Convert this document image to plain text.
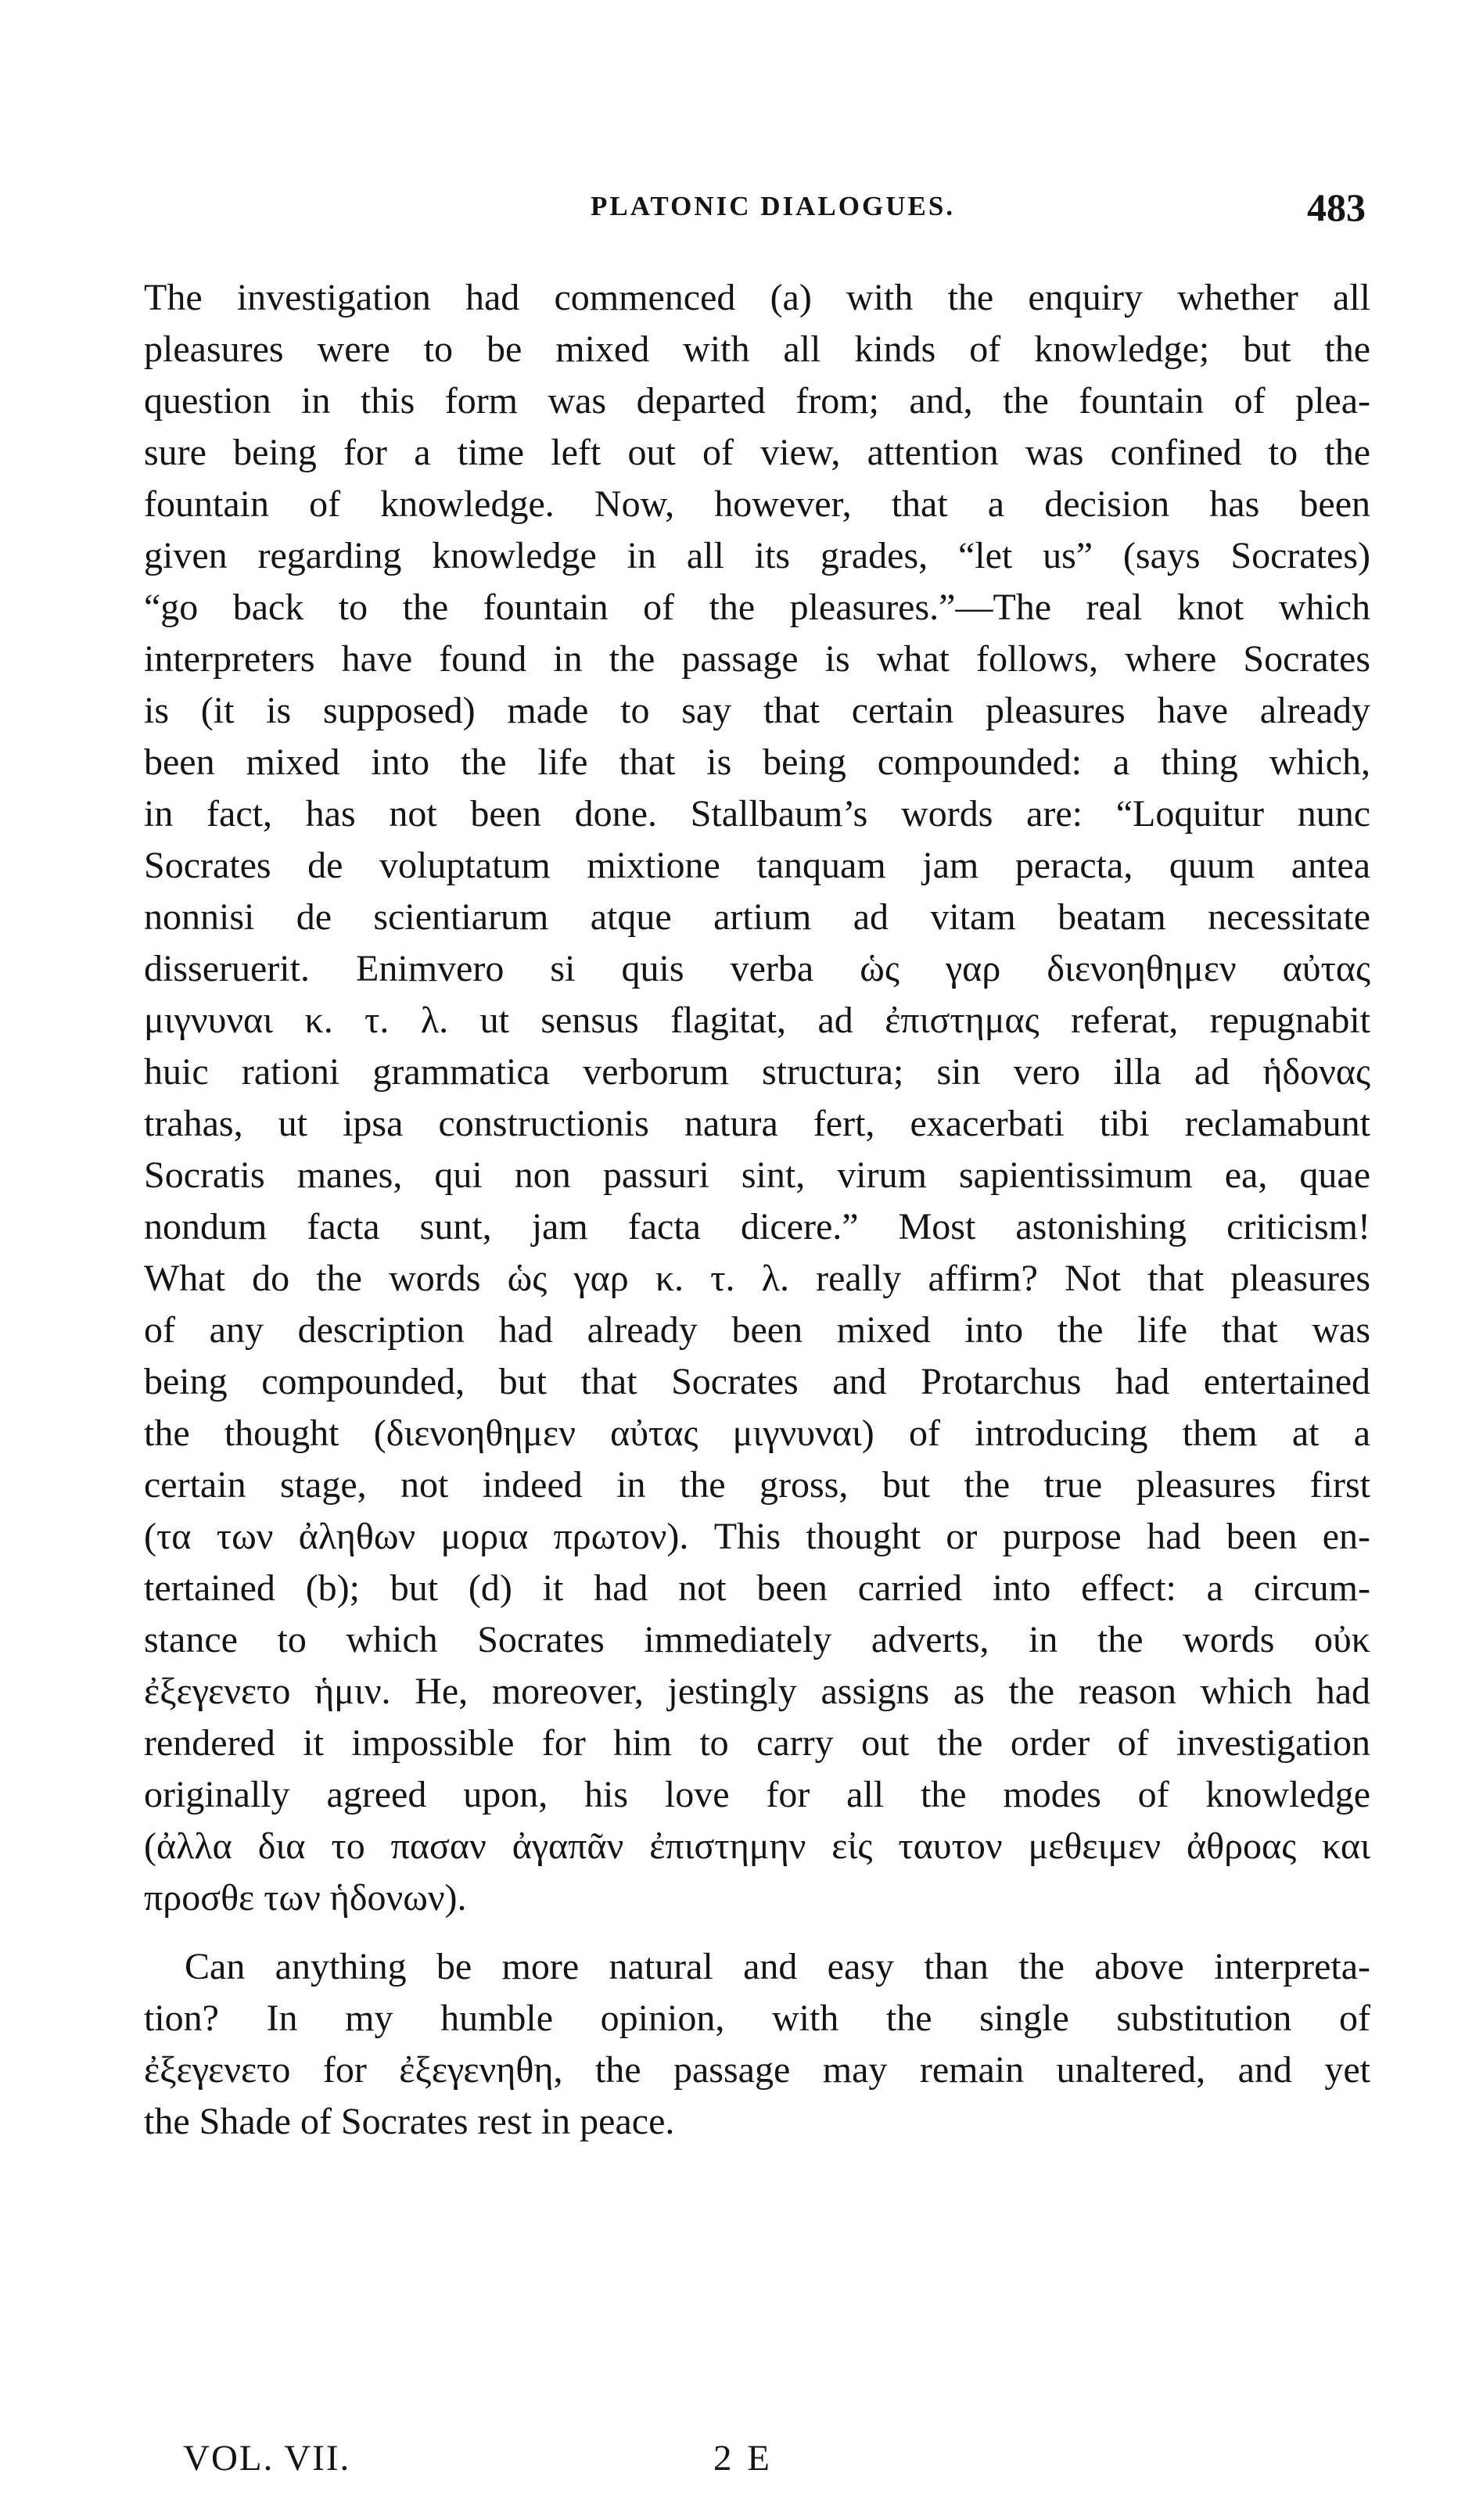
PLATONIC DIALOGUES.	483
The investigation had commenced (a) with the enquiry whether all
pleasures were to be mixed with all kinds of knowledge; but the
question in this form was departed from; and, the fountain of plea-
sure being for a time left out of view, attention was confined to the
fountain of knowledge. Now, however, that a decision has been
given regarding knowledge in all its grades, “let us” (says Socrates)
“go back to the fountain of the pleasures.”—The real knot which
interpreters have found in the passage is what follows, where Socrates
is (it is supposed) made to say that certain pleasures have already
been mixed into the life that is being compounded: a thing which,
in fact, has not been done. Stallbaum’s words are: “Loquitur nunc
Socrates de voluptatum mixtione tanquam jam peracta, quum antea
nonnisi de scientiarum atque artium ad vitam beatam necessitate
disseruerit. Enimvero si quis verba ὡς γαρ διενοηθημεν αὐτας
μιγνυναι κ. τ. λ. ut sensus flagitat, ad ἐπιστημας referat, repugnabit
huic rationi grammatica verborum structura; sin vero illa ad ἡδονας
trahas, ut ipsa constructionis natura fert, exacerbati tibi reclamabunt
Socratis manes, qui non passuri sint, virum sapientissimum ea, quae
nondum facta sunt, jam facta dicere.” Most astonishing criticism!
What do the words ὡς γαρ κ. τ. λ. really affirm? Not that pleasures
of any description had already been mixed into the life that was
being compounded, but that Socrates and Protarchus had entertained
the thought (διενοηθημεν αὐτας μιγνυναι) of introducing them at a
certain stage, not indeed in the gross, but the true pleasures first
(τα των ἀληθων μορια πρωτον). This thought or purpose had been en-
tertained (b); but (d) it had not been carried into effect: a circum-
stance to which Socrates immediately adverts, in the words οὐκ
ἐξεγενετο ἡμιν. He, moreover, jestingly assigns as the reason which had
rendered it impossible for him to carry out the order of investigation
originally agreed upon, his love for all the modes of knowledge
(ἀλλα δια το πασαν ἀγαπᾶν ἐπιστημην εἰς ταυτον μεθειμεν ἀθροας και
προσθε των ἡδονων).
Can anything be more natural and easy than the above interpreta-
tion? In my humble opinion, with the single substitution of
ἐξεγενετο for ἐξεγενηθη, the passage may remain unaltered, and yet
the Shade of Socrates rest in peace.
VOL. VII.	2 E
